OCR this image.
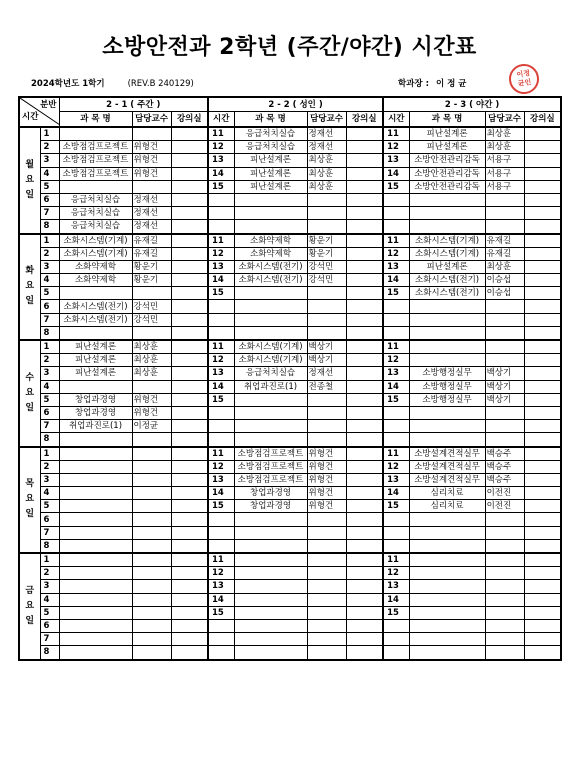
소방안전과 2학년 (주간/야간) 시간표
2024학년도 1학기	(REV.B 240129)	학과장 : 이 정 균
이정
균인
분반
시간		2 - 1 ( 주간 )			2 - 2 ( 성인 )				2 - 3 ( 야간 )			
		과 목 명	담당교수	강의실	시간	과 목 명	담당교수	강의실	시간	과 목 명	담당교수	강의실

월
요
일	1				11	응급처치실습	정재선		11	피난설계론	최상훈	
	2	소방점검프로젝트	위형건		12	응급처치실습	정재선		12	피난설계론	최상훈	
	3	소방점검프로젝트	위형건		13	피난설계론	최상훈		13	소방안전관리감독	서용구	
	4	소방점검프로젝트	위형건		14	피난설계론	최상훈		14	소방안전관리감독	서용구	
	5				15	피난설계론	최상훈		15	소방안전관리감독	서용구	
	6	응급처치실습	정재선									
	7	응급처치실습	정재선									
	8	응급처치실습	정재선									

화
요
일	1	소화시스템(기계)	유재길		11	소화약제학	황운기		11	소화시스템(기계)	유재길	
	2	소화시스템(기계)	유재길		12	소화약제학	황운기		12	소화시스템(기계)	유재길	
	3	소화약제학	황운기		13	소화시스템(전기)	강석민		13	피난설계론	최상훈	
	4	소화약제학	황운기		14	소화시스템(전기)	강석민		14	소화시스템(전기)	이승섭	
	5				15				15	소화시스템(전기)	이승섭	
	6	소화시스템(전기)	강석민									
	7	소화시스템(전기)	강석민									
	8											

수
요
일	1	피난설계론	최상훈		11	소화시스템(기계)	백상기		11			
	2	피난설계론	최상훈		12	소화시스템(기계)	백상기		12			
	3	피난설계론	최상훈		13	응급처치실습	정재선		13	소방행정실무	백상기	
	4				14	취업과진로(1)	전종철		14	소방행정실무	백상기	
	5	창업과경영	위형건		15				15	소방행정실무	백상기	
	6	창업과경영	위형건									
	7	취업과진로(1)	이정균									
	8											

목
요
일	1				11	소방점검프로젝트	위형건		11	소방설계견적실무	백승주	
	2				12	소방점검프로젝트	위형건		12	소방설계견적실무	백승주	
	3				13	소방점검프로젝트	위형건		13	소방설계견적실무	백승주	
	4				14	창업과경영	위형건		14	심리치료	이전진	
	5				15	창업과경영	위형건		15	심리치료	이전진	
	6											
	7											
	8											

금
요
일	1				11				11			
	2				12				12			
	3				13				13			
	4				14				14			
	5				15				15			
	6											
	7											
	8											
